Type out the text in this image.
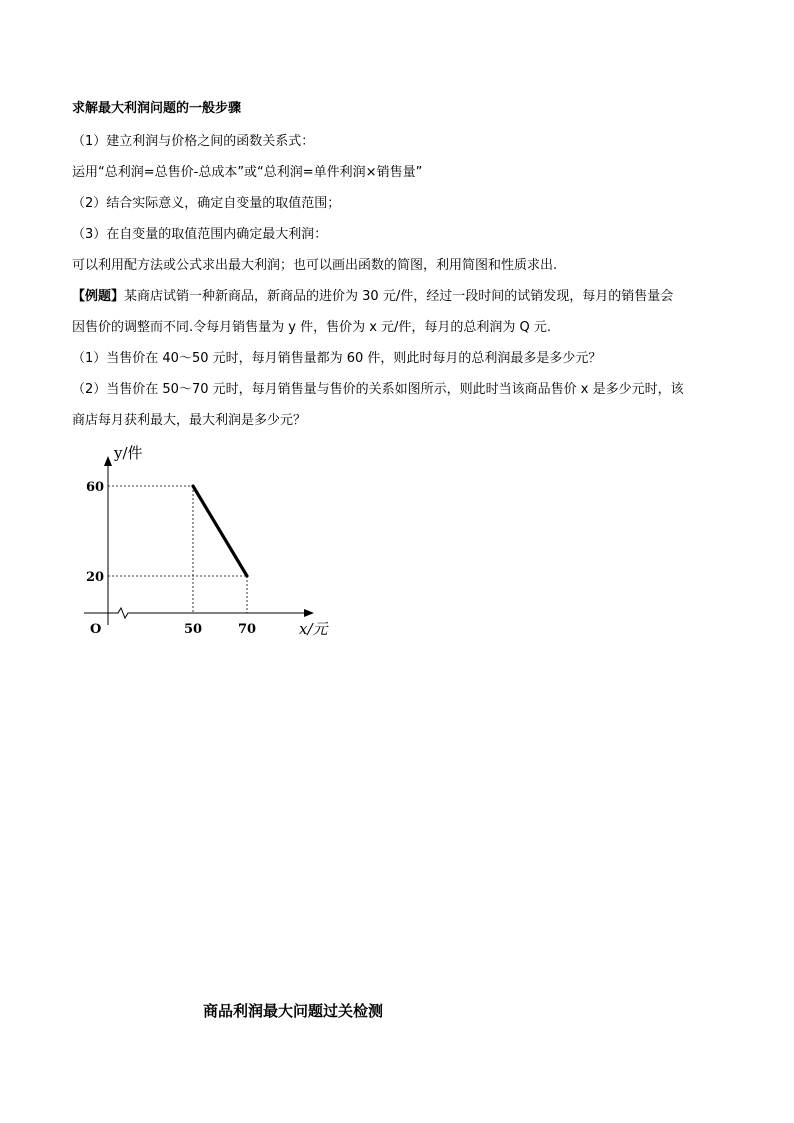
求解最大利润问题的一般步骤
（1）建立利润与价格之间的函数关系式：
运用“总利润=总售价-总成本”或“总利润=单件利润×销售量”
（2）结合实际意义，确定自变量的取值范围；
（3）在自变量的取值范围内确定最大利润：
可以利用配方法或公式求出最大利润；也可以画出函数的简图，利用简图和性质求出.
【例题】某商店试销一种新商品，新商品的进价为 30 元/件，经过一段时间的试销发现，每月的销售量会
因售价的调整而不同.令每月销售量为 y 件，售价为 x 元/件，每月的总利润为 Q 元.
（1）当售价在 40～50 元时，每月销售量都为 60 件，则此时每月的总利润最多是多少元？
（2）当售价在 50～70 元时，每月销售量与售价的关系如图所示，则此时当该商品售价 x 是多少元时，该
商店每月获利最大，最大利润是多少元？
60
20
50	70
O
y/件
x/元
商品利润最大问题过关检测
